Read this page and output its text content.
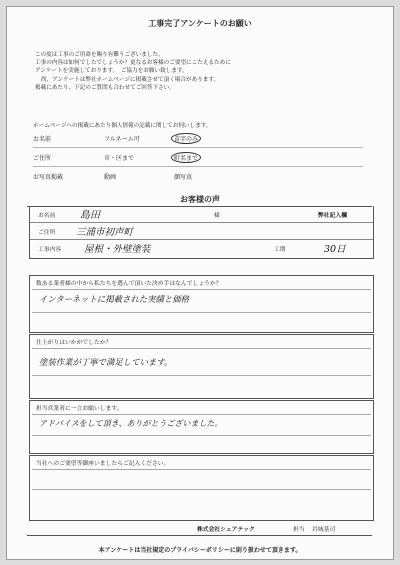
工事完了アンケートのお願い
この度は工事のご用命を賜り有難うございました。
工事の内容は如何でしたでしょうか？更なるお客様のご要望にこたえるために
アンケートを実施しております。　ご協力をお願い致します。
尚、アンケートは弊社ホームページに掲載させて頂く場合があります。
掲載にあたり、下記のご質問も合わせてご回答下さい。
ホームページへの掲載にあたり個人情報の記載に関してお伺いします。
お名前	フルネーム可	苗字のみ
ご住所	市・区まで	町名まで
お写真掲載	動画	顔写真
お客様の声
お名前 島田	様	弊社記入欄
ご住所 三浦市初声町
工事内容 屋根・外壁塗装	工期	30日
数ある業者様の中から私たちを選んで頂いた決め手はなんでしょうか？
インターネットに掲載された実績と価格
仕上がりはいかがでしたか？
塗装作業が丁寧で満足しています。
担当営業者に一言お願いします。
アドバイスをして頂き、ありがとうございました。
当社へのご要望等御座いましたらご記入ください。
株式会社シェアテック	担当 岩城基司
本アンケートは当社規定のプライバシーポリシーに則り扱わせて頂きます。
